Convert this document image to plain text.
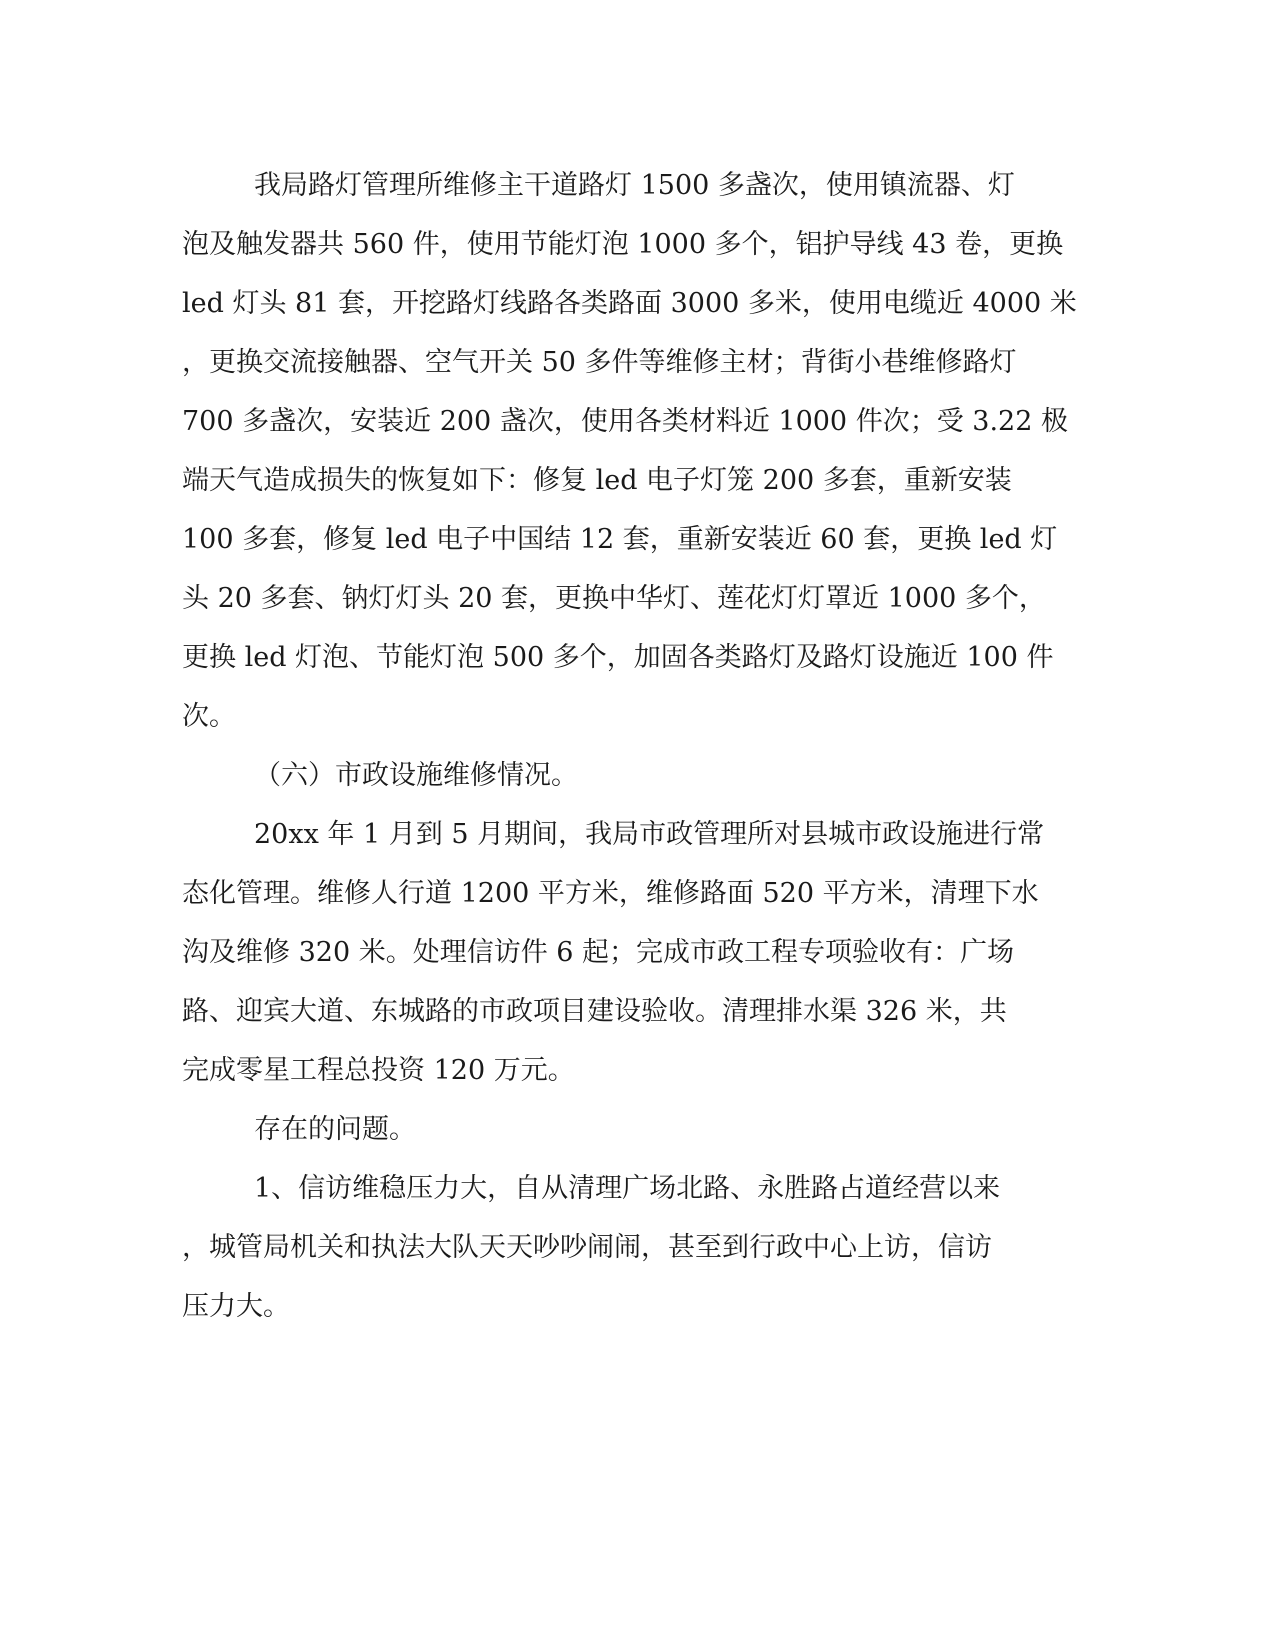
我局路灯管理所维修主干道路灯 1500 多盏次，使用镇流器、灯
泡及触发器共 560 件，使用节能灯泡 1000 多个，铝护导线 43 卷，更换
led 灯头 81 套，开挖路灯线路各类路面 3000 多米，使用电缆近 4000 米
，更换交流接触器、空气开关 50 多件等维修主材；背街小巷维修路灯
700 多盏次，安装近 200 盏次，使用各类材料近 1000 件次；受 3.22 极
端天气造成损失的恢复如下：修复 led 电子灯笼 200 多套，重新安装
100 多套，修复 led 电子中国结 12 套，重新安装近 60 套，更换 led 灯
头 20 多套、钠灯灯头 20 套，更换中华灯、莲花灯灯罩近 1000 多个，
更换 led 灯泡、节能灯泡 500 多个，加固各类路灯及路灯设施近 100 件
次。
（六）市政设施维修情况。
20xx 年 1 月到 5 月期间，我局市政管理所对县城市政设施进行常
态化管理。维修人行道 1200 平方米，维修路面 520 平方米，清理下水
沟及维修 320 米。处理信访件 6 起；完成市政工程专项验收有：广场
路、迎宾大道、东城路的市政项目建设验收。清理排水渠 326 米，共
完成零星工程总投资 120 万元。
存在的问题。
1、信访维稳压力大，自从清理广场北路、永胜路占道经营以来
，城管局机关和执法大队天天吵吵闹闹，甚至到行政中心上访，信访
压力大。
